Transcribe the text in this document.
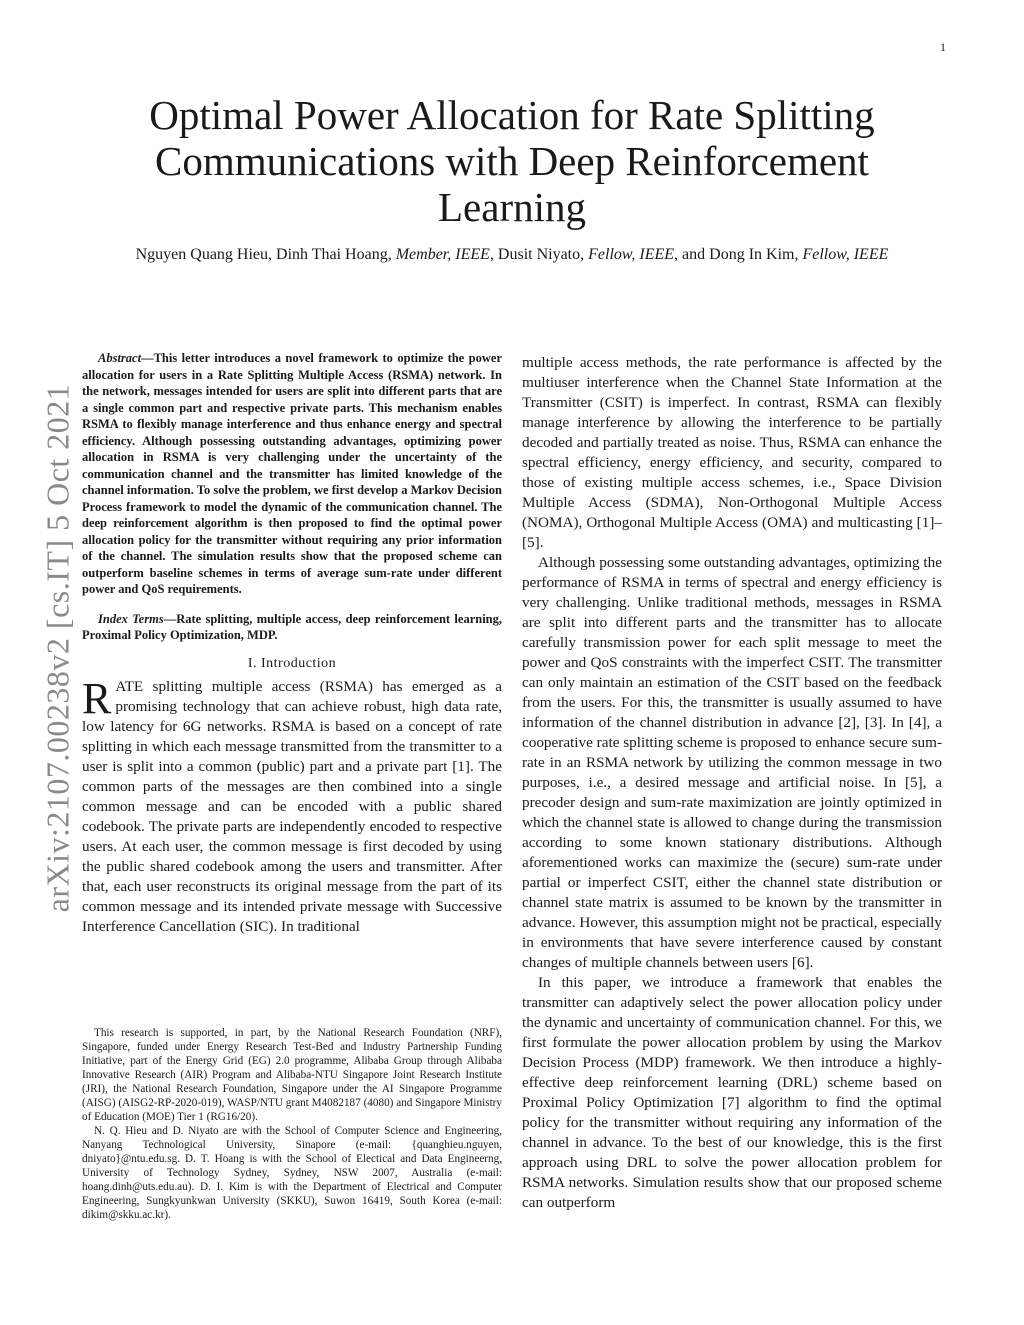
1
arXiv:2107.00238v2 [cs.IT] 5 Oct 2021
Optimal Power Allocation for Rate Splitting Communications with Deep Reinforcement Learning
Nguyen Quang Hieu, Dinh Thai Hoang, Member, IEEE, Dusit Niyato, Fellow, IEEE, and Dong In Kim, Fellow, IEEE

Abstract—This letter introduces a novel framework to optimize the power allocation for users in a Rate Splitting Multiple Access (RSMA) network. In the network, messages intended for users are split into different parts that are a single common part and respective private parts. This mechanism enables RSMA to flexibly manage interference and thus enhance energy and spectral efficiency. Although possessing outstanding advantages, optimizing power allocation in RSMA is very challenging under the uncertainty of the communication channel and the transmitter has limited knowledge of the channel information. To solve the problem, we first develop a Markov Decision Process framework to model the dynamic of the communication channel. The deep reinforcement algorithm is then proposed to find the optimal power allocation policy for the transmitter without requiring any prior information of the channel. The simulation results show that the proposed scheme can outperform baseline schemes in terms of average sum-rate under different power and QoS requirements.

Index Terms—Rate splitting, multiple access, deep reinforcement learning, Proximal Policy Optimization, MDP.

I. Introduction

RATE splitting multiple access (RSMA) has emerged as a promising technology that can achieve robust, high data rate, low latency for 6G networks. RSMA is based on a concept of rate splitting in which each message transmitted from the transmitter to a user is split into a common (public) part and a private part [1]. The common parts of the messages are then combined into a single common message and can be encoded with a public shared codebook. The private parts are independently encoded to respective users. At each user, the common message is first decoded by using the public shared codebook among the users and transmitter. After that, each user reconstructs its original message from the part of its common message and its intended private message with Successive Interference Cancellation (SIC). In traditional

This research is supported, in part, by the National Research Foundation (NRF), Singapore, funded under Energy Research Test-Bed and Industry Partnership Funding Initiative, part of the Energy Grid (EG) 2.0 programme, Alibaba Group through Alibaba Innovative Research (AIR) Program and Alibaba-NTU Singapore Joint Research Institute (JRI), the National Research Foundation, Singapore under the AI Singapore Programme (AISG) (AISG2-RP-2020-019), WASP/NTU grant M4082187 (4080) and Singapore Ministry of Education (MOE) Tier 1 (RG16/20).

N. Q. Hieu and D. Niyato are with the School of Computer Science and Engineering, Nanyang Technological University, Sinapore (e-mail: {quanghieu.nguyen, dniyato}@ntu.edu.sg. D. T. Hoang is with the School of Electical and Data Engineerng, University of Technology Sydney, Sydney, NSW 2007, Australia (e-mail: hoang.dinh@uts.edu.au). D. I. Kim is with the Department of Electrical and Computer Engineering, Sungkyunkwan University (SKKU), Suwon 16419, South Korea (e-mail: dikim@skku.ac.kr).

multiple access methods, the rate performance is affected by the multiuser interference when the Channel State Information at the Transmitter (CSIT) is imperfect. In contrast, RSMA can flexibly manage interference by allowing the interference to be partially decoded and partially treated as noise. Thus, RSMA can enhance the spectral efficiency, energy efficiency, and security, compared to those of existing multiple access schemes, i.e., Space Division Multiple Access (SDMA), Non-Orthogonal Multiple Access (NOMA), Orthogonal Multiple Access (OMA) and multicasting [1]–[5].

Although possessing some outstanding advantages, optimizing the performance of RSMA in terms of spectral and energy efficiency is very challenging. Unlike traditional methods, messages in RSMA are split into different parts and the transmitter has to allocate carefully transmission power for each split message to meet the power and QoS constraints with the imperfect CSIT. The transmitter can only maintain an estimation of the CSIT based on the feedback from the users. For this, the transmitter is usually assumed to have information of the channel distribution in advance [2], [3]. In [4], a cooperative rate splitting scheme is proposed to enhance secure sum-rate in an RSMA network by utilizing the common message in two purposes, i.e., a desired message and artificial noise. In [5], a precoder design and sum-rate maximization are jointly optimized in which the channel state is allowed to change during the transmission according to some known stationary distributions. Although aforementioned works can maximize the (secure) sum-rate under partial or imperfect CSIT, either the channel state distribution or channel state matrix is assumed to be known by the transmitter in advance. However, this assumption might not be practical, especially in environments that have severe interference caused by constant changes of multiple channels between users [6].

In this paper, we introduce a framework that enables the transmitter can adaptively select the power allocation policy under the dynamic and uncertainty of communication channel. For this, we first formulate the power allocation problem by using the Markov Decision Process (MDP) framework. We then introduce a highly-effective deep reinforcement learning (DRL) scheme based on Proximal Policy Optimization [7] algorithm to find the optimal policy for the transmitter without requiring any information of the channel in advance. To the best of our knowledge, this is the first approach using DRL to solve the power allocation problem for RSMA networks. Simulation results show that our proposed scheme can outperform
